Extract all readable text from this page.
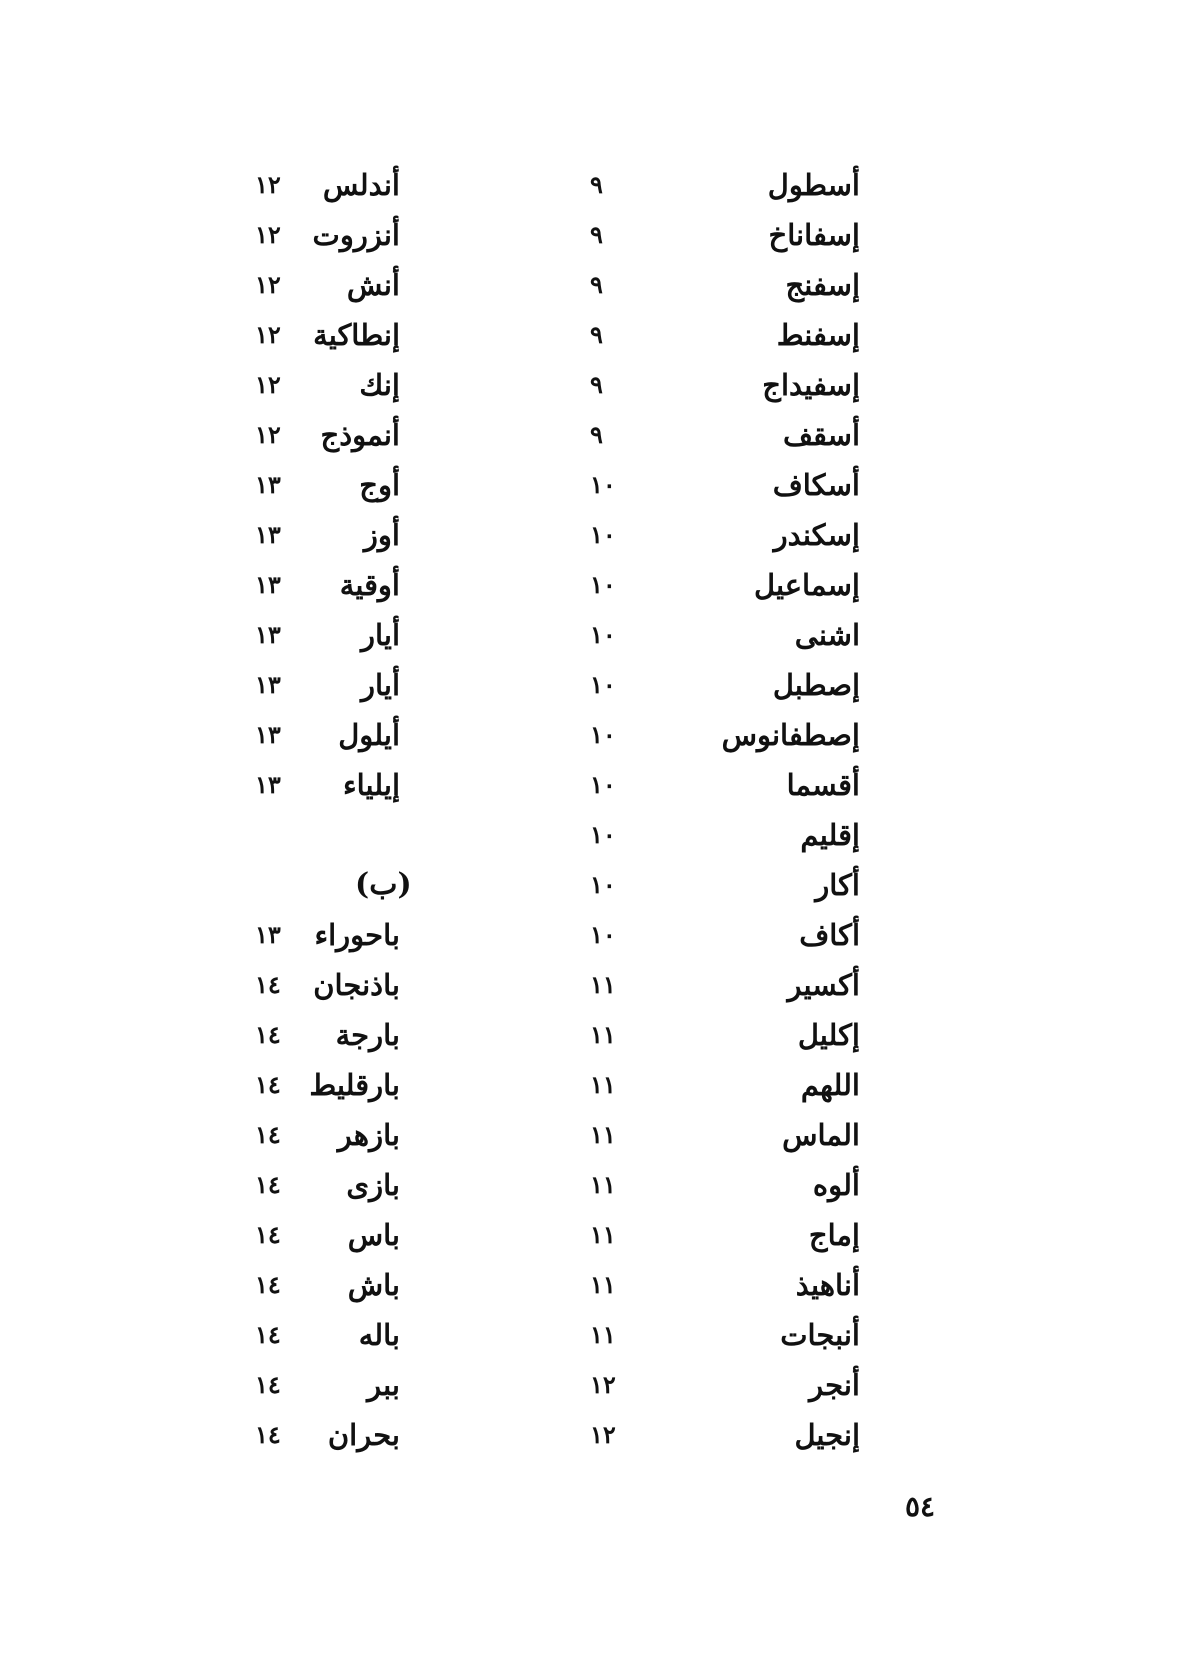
أسطول
٩
إسفاناخ
٩
إسفنج
٩
إسفنط
٩
إسفيداج
٩
أسقف
٩
أسكاف
١٠
إسكندر
١٠
إسماعيل
١٠
اشنى
١٠
إصطبل
١٠
إصطفانوس
١٠
أقسما
١٠
إقليم
١٠
أكار
١٠
أكاف
١٠
أكسير
١١
إكليل
١١
اللهم
١١
الماس
١١
ألوه
١١
إماج
١١
أناهيذ
١١
أنبجات
١١
أنجر
١٢
إنجيل
١٢
أندلس
١٢
أنزروت
١٢
أنش
١٢
إنطاكية
١٢
إنك
١٢
أنموذج
١٢
أوج
١٣
أوز
١٣
أوقية
١٣
أيار
١٣
أيار
١٣
أيلول
١٣
إيلياء
١٣
(ب)
باحوراء
١٣
باذنجان
١٤
بارجة
١٤
بارقليط
١٤
بازهر
١٤
بازى
١٤
باس
١٤
باش
١٤
باله
١٤
ببر
١٤
بحران
١٤
٥٤
